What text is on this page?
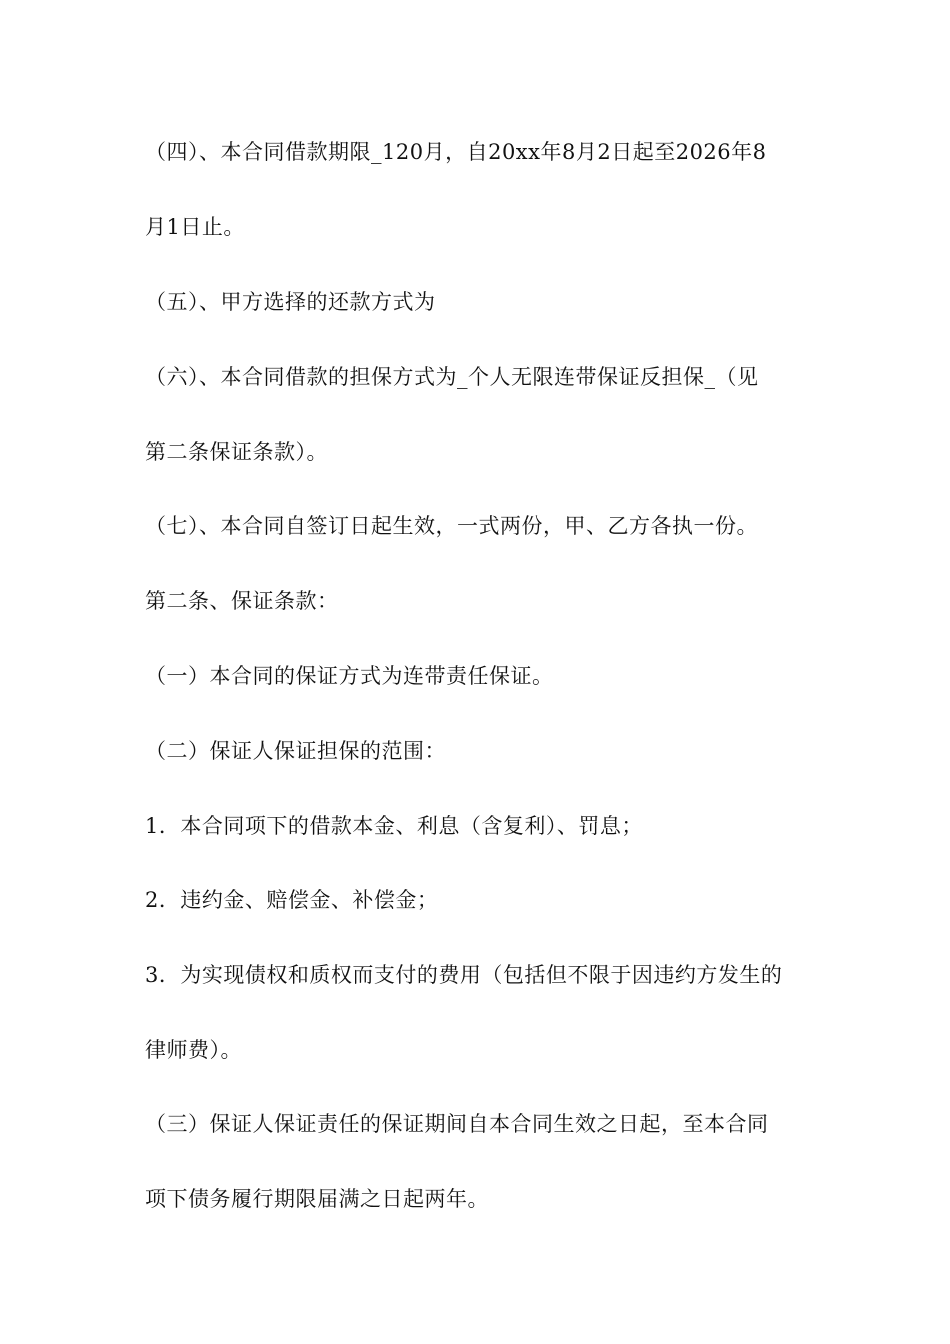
（四）、本合同借款期限_120月，自20xx年8月2日起至2026年8
月1日止。
（五）、甲方选择的还款方式为
（六）、本合同借款的担保方式为_个人无限连带保证反担保_（见
第二条保证条款）。
（七）、本合同自签订日起生效，一式两份，甲、乙方各执一份。
第二条、保证条款：
（一）本合同的保证方式为连带责任保证。
（二）保证人保证担保的范围：
1．本合同项下的借款本金、利息（含复利）、罚息；
2．违约金、赔偿金、补偿金；
3．为实现债权和质权而支付的费用（包括但不限于因违约方发生的
律师费）。
（三）保证人保证责任的保证期间自本合同生效之日起，至本合同
项下债务履行期限届满之日起两年。
